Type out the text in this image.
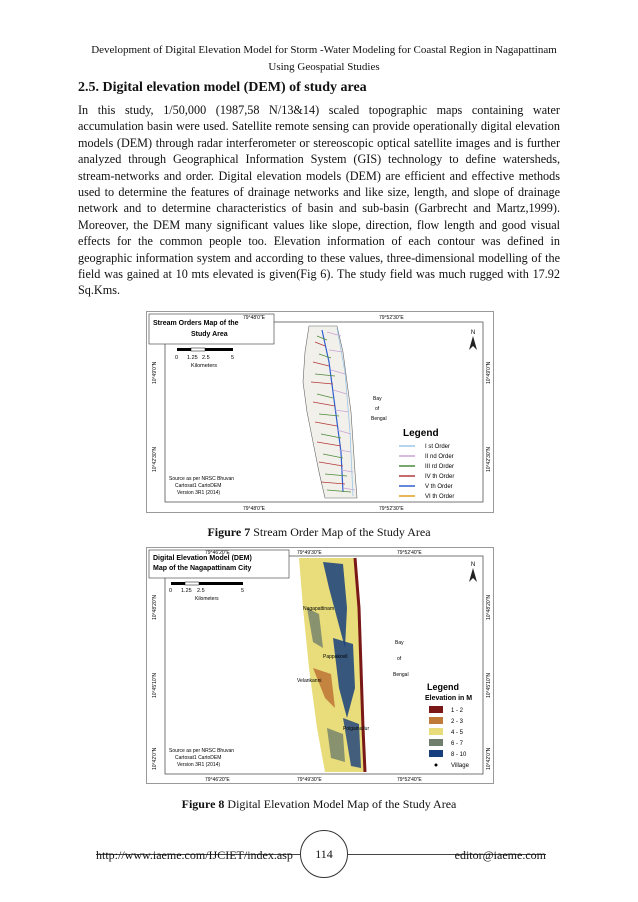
Development of Digital Elevation Model for Storm -Water Modeling for Coastal Region in Nagapattinam
Using Geospatial Studies
2.5. Digital elevation model (DEM) of study area
In this study, 1/50,000 (1987,58 N/13&14) scaled topographic maps containing water accumulation basin were used. Satellite remote sensing can provide operationally digital elevation models (DEM) through radar interferometer or stereoscopic optical satellite images and is further analyzed through Geographical Information System (GIS) technology to define watersheds, stream-networks and order. Digital elevation models (DEM) are efficient and effective methods used to determine the features of drainage networks and like size, length, and slope of drainage network and to determine characteristics of basin and sub-basin (Garbrecht and Martz,1999). Moreover, the DEM many significant values like slope, direction, flow length and good visual effects for the common people too. Elevation information of each contour was defined in geographic information system and according to these values, three-dimensional modelling of the field was gained at 10 mts elevated is given(Fig 6). The study field was much rugged with 17.92 Sq.Kms.
Stream Orders Map of the
Study Area
0 1.25 2.5	5
Kilometers
79°48'0"E	79°52'30"E
79°48'0"E	79°52'30"E
10°49'0"N
10°42'30"N
10°49'0"N
10°42'30"N
N
Bay
of
Bengal
Legend
I st Order
II nd Order
III rd Order
IV th Order
V th Order
VI th Order
Source as per NRSC Bhuvan
Cartosat1 CartoDEM
Version 3R1 (2014)
Figure 7 Stream Order Map of the Study Area
Digital Elevation Model (DEM)
Map of the Nagapattinam City
0 1.25 2.5	5
Kilometers
79°46'20"E	79°49'30"E	79°52'40"E
79°46'20"E	79°49'30"E	79°52'40"E
10°48'20"N
10°45'10"N
10°42'0"N
10°48'20"N
10°45'10"N
10°42'0"N
N
Nagapattinam
Pappakovil
Velankanni
Poigainallur
Bay
of
Bengal
Legend
Elevation in M
1 - 2
2 - 3
4 - 5
6 - 7
8 - 10
Village
Source as per NRSC Bhuvan
Cartosat1 CartoDEM
Version 3R1 (2014)
Figure 8 Digital Elevation Model Map of the Study Area
http://www.iaeme.com/IJCIET/index.asp	114	editor@iaeme.com
